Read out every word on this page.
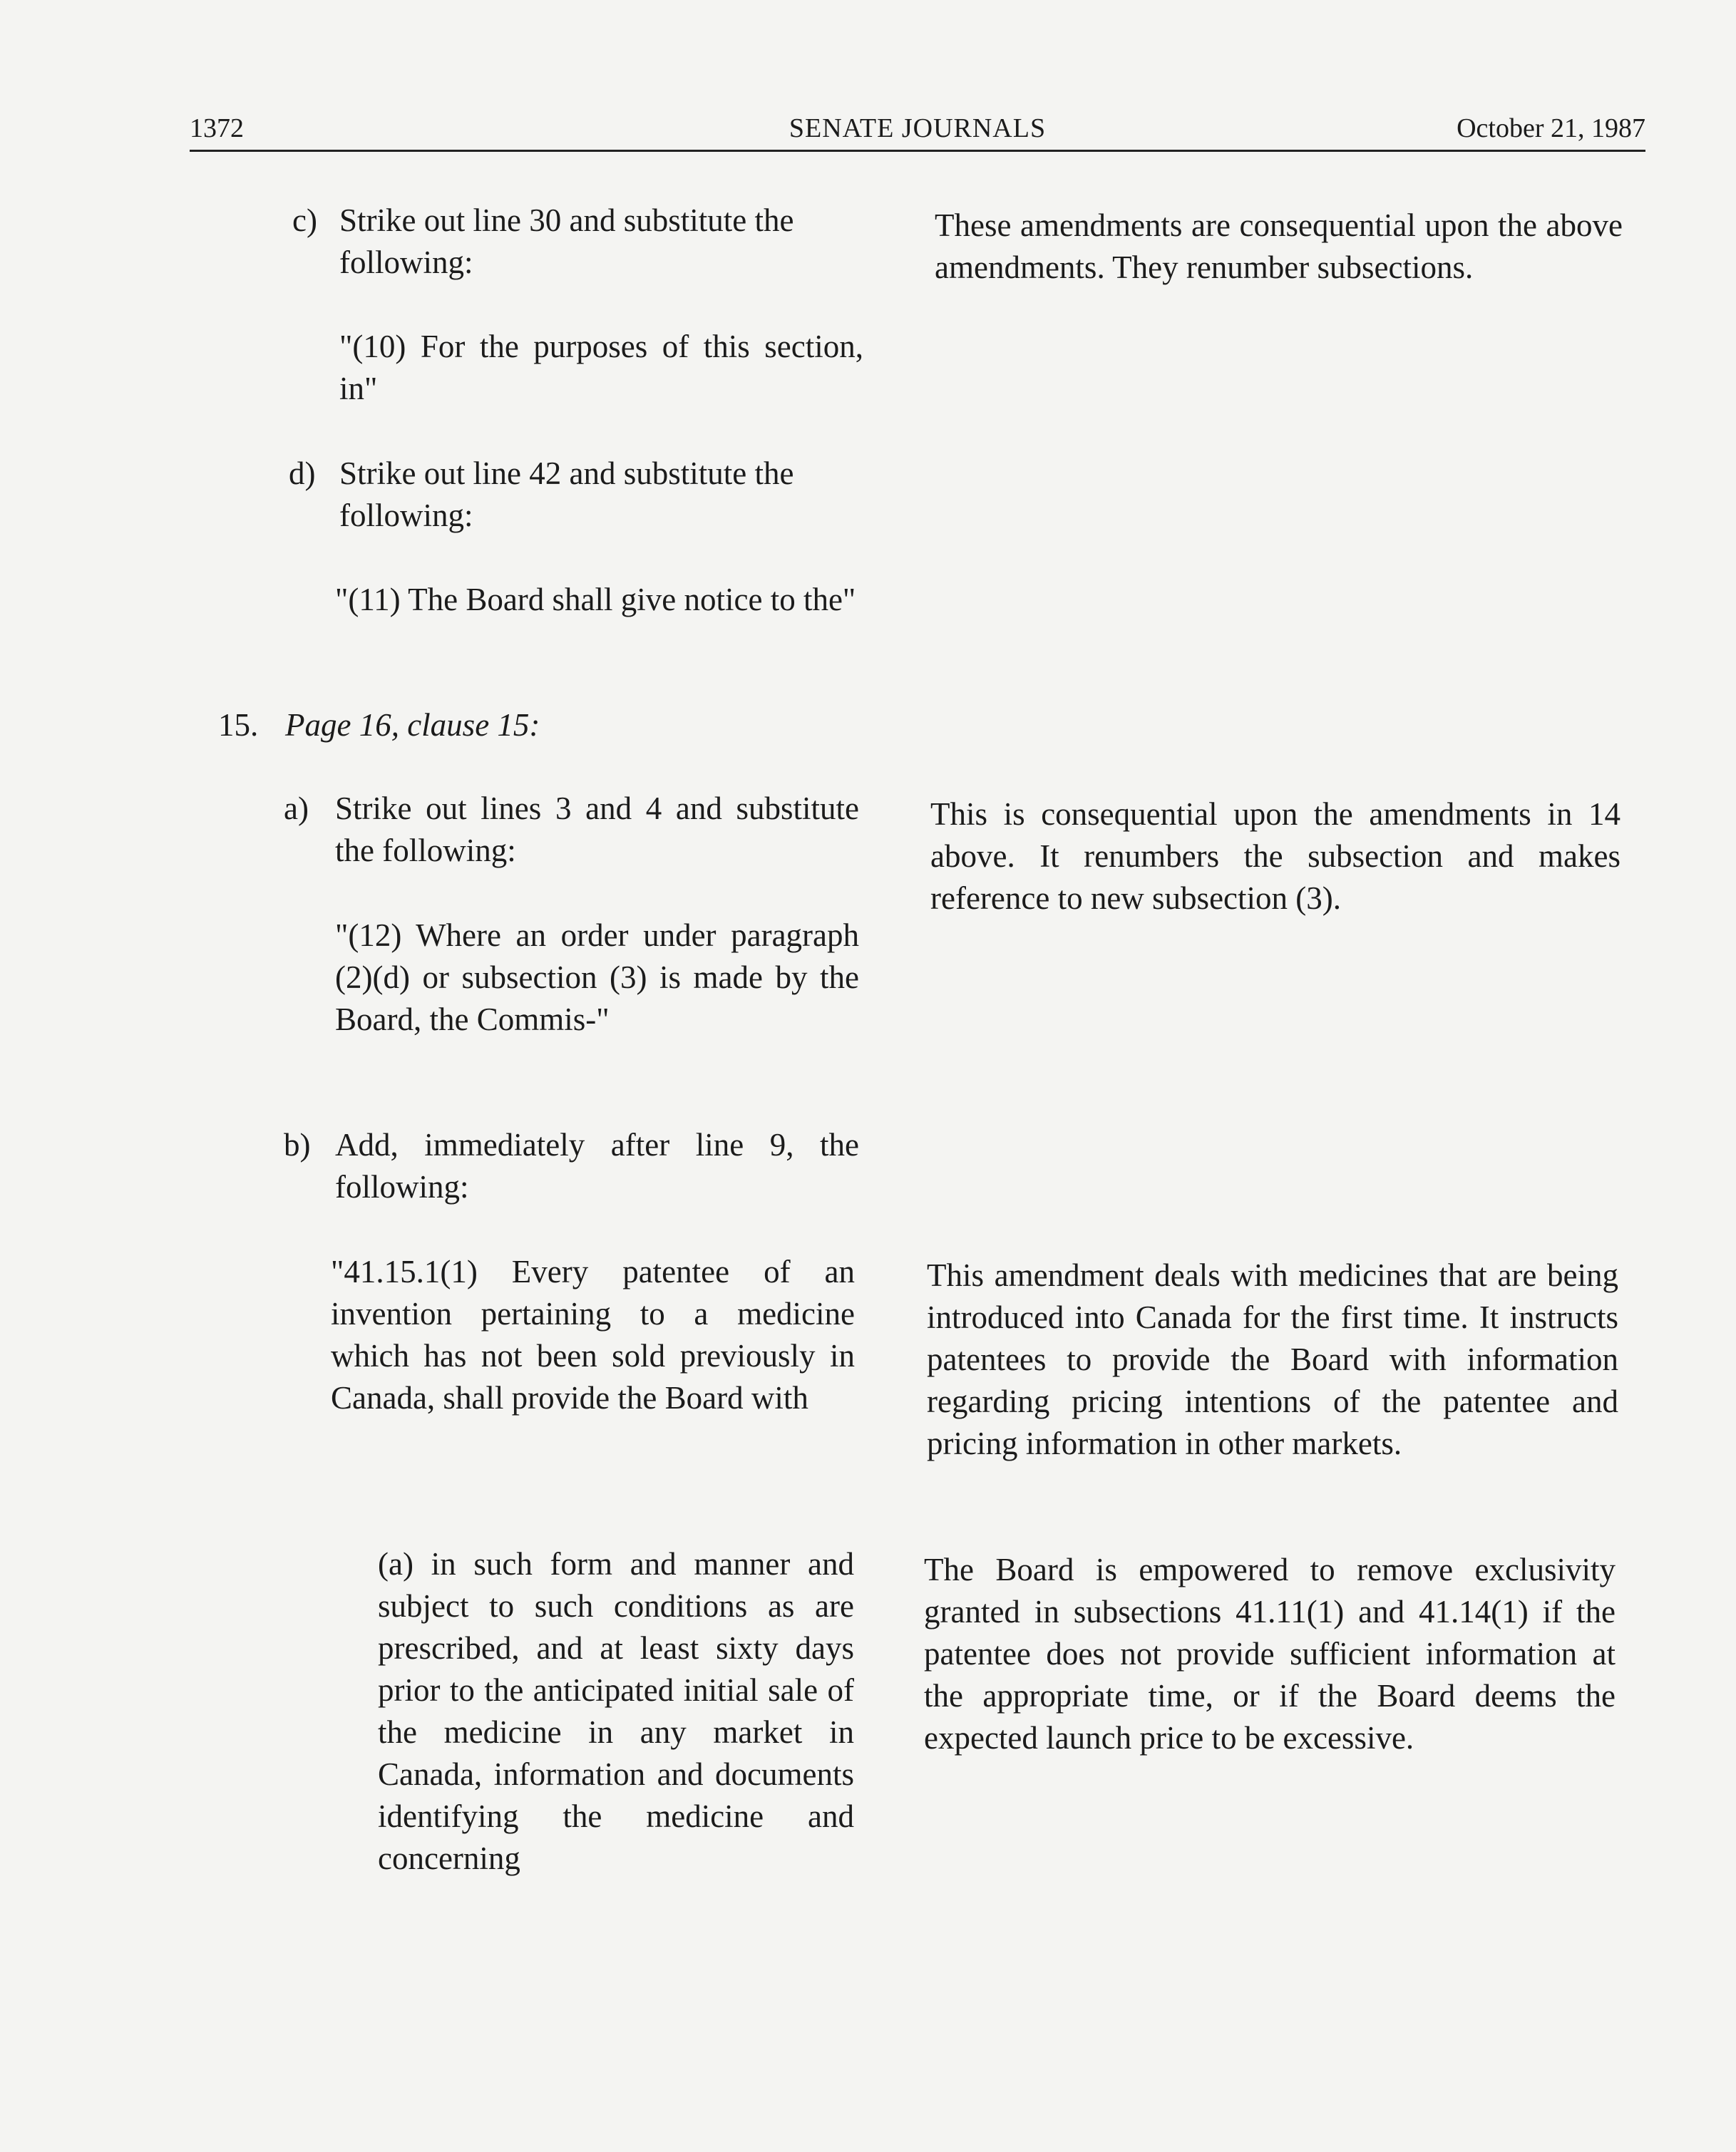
1372	SENATE JOURNALS	October 21, 1987
c) Strike out line 30 and substitute the following:
"(10) For the purposes of this section, in"
d) Strike out line 42 and substitute the following:
"(11) The Board shall give notice to the"
15. Page 16, clause 15:
a) Strike out lines 3 and 4 and substitute the following:
"(12) Where an order under paragraph (2)(d) or subsection (3) is made by the Board, the Commis-"
b) Add, immediately after line 9, the following:
"41.15.1(1) Every patentee of an invention pertaining to a medicine which has not been sold previously in Canada, shall provide the Board with
(a) in such form and manner and subject to such conditions as are prescribed, and at least sixty days prior to the anticipated initial sale of the medicine in any market in Canada, information and documents identifying the medicine and concerning
These amendments are consequential upon the above amendments. They renumber subsections.
This is consequential upon the amendments in 14 above. It renumbers the subsection and makes reference to new subsection (3).
This amendment deals with medicines that are being introduced into Canada for the first time. It instructs patentees to provide the Board with information regarding pricing intentions of the patentee and pricing information in other markets.
The Board is empowered to remove exclusivity granted in subsections 41.11(1) and 41.14(1) if the patentee does not provide sufficient information at the appropriate time, or if the Board deems the expected launch price to be excessive.
